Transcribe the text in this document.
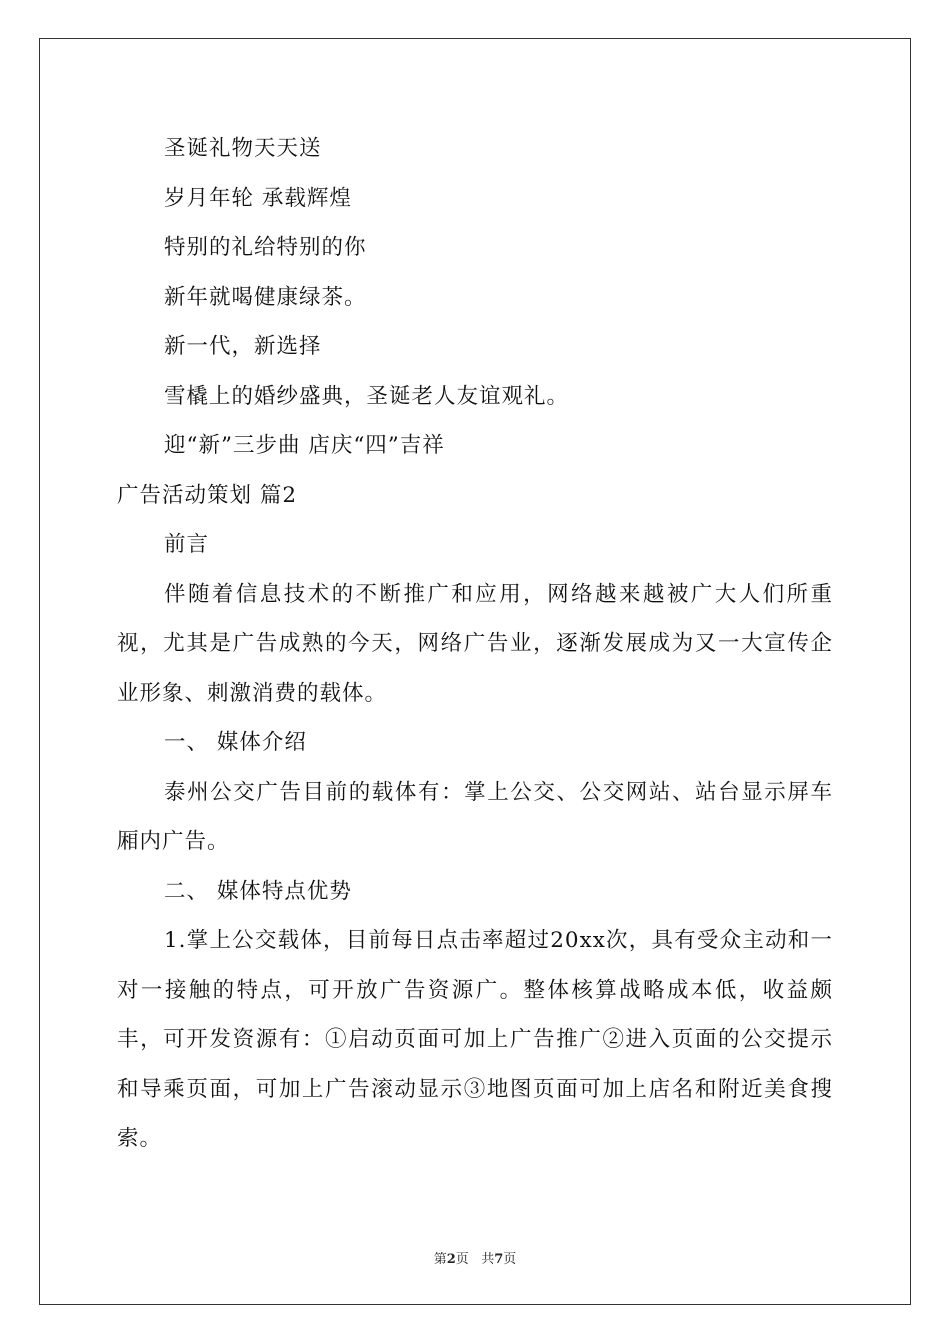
圣诞礼物天天送
岁月年轮 承载辉煌
特别的礼给特别的你
新年就喝健康绿茶。
新一代，新选择
雪橇上的婚纱盛典，圣诞老人友谊观礼。
迎“新”三步曲 店庆“四”吉祥
广告活动策划 篇2
前言
伴随着信息技术的不断推广和应用，网络越来越被广大人们所重视，尤其是广告成熟的今天，网络广告业，逐渐发展成为又一大宣传企业形象、刺激消费的载体。
一、 媒体介绍
泰州公交广告目前的载体有：掌上公交、公交网站、站台显示屏车厢内广告。
二、 媒体特点优势
1.掌上公交载体，目前每日点击率超过20xx次，具有受众主动和一对一接触的特点，可开放广告资源广。整体核算战略成本低，收益颇丰，可开发资源有：①启动页面可加上广告推广②进入页面的公交提示和导乘页面，可加上广告滚动显示③地图页面可加上店名和附近美食搜索。
第2页 共7页
